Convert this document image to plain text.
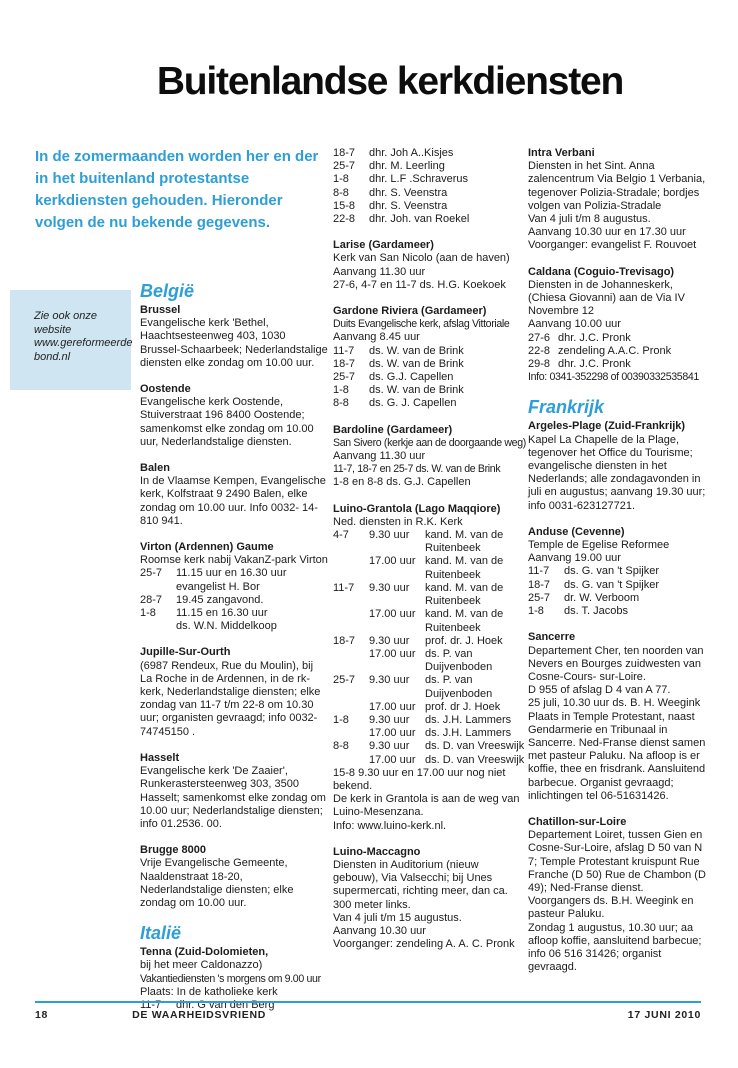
Buitenlandse kerkdiensten
In de zomermaanden worden her en der in het buitenland protestantse kerkdiensten gehouden. Hieronder volgen de nu bekende gegevens.
Zie ook onze website
www.gereformeerde
bond.nl
België
Brussel
Evangelische kerk 'Bethel, Haachtsesteenweg 403, 1030 Brussel-Schaarbeek; Nederlandstalige diensten elke zondag om 10.00 uur.
Oostende
Evangelische kerk Oostende, Stuiverstraat 196 8400 Oostende; samenkomst elke zondag om 10.00 uur, Nederlandstalige diensten.
Balen
In de Vlaamse Kempen, Evangelische kerk, Kolfstraat 9 2490 Balen, elke zondag om 10.00 uur. Info 0032- 14-810 941.
Virton (Ardennen) Gaume
Roomse kerk nabij VakanZ-park Virton
25-7	11.15 uur en 16.30 uur
evangelist H. Bor
28-7	19.45 zangavond.
1-8	11.15 en 16.30 uur
ds. W.N. Middelkoop
Jupille-Sur-Ourth
(6987 Rendeux, Rue du Moulin), bij La Roche in de Ardennen, in de rk-kerk, Nederlandstalige diensten; elke zondag van 11-7 t/m 22-8 om 10.30 uur; organisten gevraagd; info 0032-74745150 .
Hasselt
Evangelische kerk 'De Zaaier', Runkerastersteenweg 303, 3500 Hasselt; samenkomst elke zondag om 10.00 uur; Nederlandstalige diensten; info 01.2536. 00.
Brugge 8000
Vrije Evangelische Gemeente, Naaldenstraat 18-20, Nederlandstalige diensten; elke zondag om 10.00 uur.
Italië
Tenna (Zuid-Dolomieten,
bij het meer Caldonazzo)
Vakantiediensten 's morgens om 9.00 uur
Plaats: In de katholieke kerk
11-7	dhr. G van den Berg
18-7	dhr. Joh A..Kisjes
25-7	dhr. M. Leerling
1-8	dhr. L.F .Schraverus
8-8	dhr. S. Veenstra
15-8	dhr. S. Veenstra
22-8	dhr. Joh. van Roekel
Larise (Gardameer)
Kerk van San Nicolo (aan de haven)
Aanvang 11.30 uur
27-6, 4-7 en 11-7 ds. H.G. Koekoek
Gardone Riviera (Gardameer)
Duits Evangelische kerk, afslag Vittoriale
Aanvang 8.45 uur
11-7	ds. W. van de Brink
18-7	ds. W. van de Brink
25-7	ds. G.J. Capellen
1-8	ds. W. van de Brink
8-8	ds. G. J. Capellen
Bardoline (Gardameer)
San Sivero (kerkje aan de doorgaande weg)
Aanvang 11.30 uur
11-7, 18-7 en 25-7 ds. W. van de Brink
1-8 en 8-8 ds. G.J. Capellen
Luino-Grantola (Lago Maqqiore)
Ned. diensten in R.K. Kerk
4-7	9.30 uur	kand. M. van de Ruitenbeek
17.00 uur kand. M. van de Ruitenbeek
11-7	9.30 uur	kand. M. van de Ruitenbeek
17.00 uur kand. M. van de Ruitenbeek
18-7	9.30 uur	prof. dr. J. Hoek
17.00 uur ds. P. van Duijvenboden
25-7	9.30 uur	ds. P. van Duijvenboden
17.00 uur prof. dr J. Hoek
1-8	9.30 uur	ds. J.H. Lammers
17.00 uur ds. J.H. Lammers
8-8	9.30 uur	ds. D. van Vreeswijk
17.00 uur ds. D. van Vreeswijk
15-8 9.30 uur en 17.00 uur nog niet bekend.
De kerk in Grantola is aan de weg van Luino-Mesenzana.
Info: www.luino-kerk.nl.
Luino-Maccagno
Diensten in Auditorium (nieuw gebouw), Via Valsecchi; bij Unes supermercati, richting meer, dan ca. 300 meter links.
Van 4 juli t/m 15 augustus.
Aanvang 10.30 uur
Voorganger: zendeling A. A. C. Pronk
Intra Verbani
Diensten in het Sint. Anna zalencentrum Via Belgio 1 Verbania, tegenover Polizia-Stradale; bordjes volgen van Polizia-Stradale
Van 4 juli t/m 8 augustus.
Aanvang 10.30 uur en 17.30 uur
Voorganger: evangelist F. Rouvoet
Caldana (Coguio-Trevisago)
Diensten in de Johanneskerk, (Chiesa Giovanni) aan de Via IV Novembre 12
Aanvang 10.00 uur
27-6 dhr. J.C. Pronk
22-8 zendeling A.A.C. Pronk
29-8 dhr. J.C. Pronk
Info: 0341-352298 of 00390332535841
Frankrijk
Argeles-Plage (Zuid-Frankrijk)
Kapel La Chapelle de la Plage, tegenover het Office du Tourisme; evangelische diensten in het Nederlands; alle zondagavonden in juli en augustus; aanvang 19.30 uur; info 0031-623127721.
Anduse (Cevenne)
Temple de Egelise Reformee
Aanvang 19.00 uur
11-7	ds. G. van 't Spijker
18-7	ds. G. van 't Spijker
25-7	dr. W. Verboom
1-8	ds. T. Jacobs
Sancerre
Departement Cher, ten noorden van Nevers en Bourges zuidwesten van Cosne-Cours- sur-Loire.
D 955 of afslag D 4 van A 77.
25 juli, 10.30 uur ds. B. H. Weegink
Plaats in Temple Protestant, naast Gendarmerie en Tribunaal in Sancerre. Ned-Franse dienst samen met pasteur Paluku. Na afloop is er koffie, thee en frisdrank. Aansluitend barbecue. Organist gevraagd; inlichtingen tel 06-51631426.
Chatillon-sur-Loire
Departement Loiret, tussen Gien en Cosne-Sur-Loire, afslag D 50 van N 7; Temple Protestant kruispunt Rue Franche (D 50) Rue de Chambon (D 49); Ned-Franse dienst.
Voorgangers ds. B.H. Weegink en pasteur Paluku.
Zondag 1 augustus, 10.30 uur; aa afloop koffie, aansluitend barbecue; info 06 516 31426; organist gevraagd.
18	DE WAARHEIDSVRIEND	17 JUNI 2010
